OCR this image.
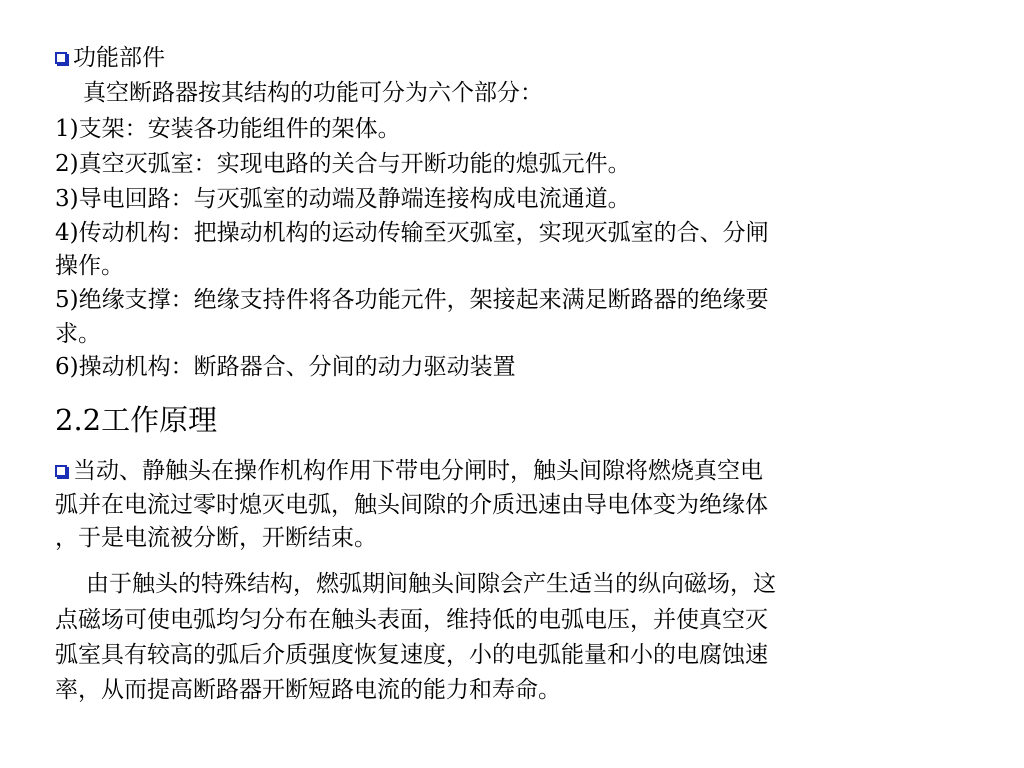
功能部件
真空断路器按其结构的功能可分为六个部分：
1)支架：安装各功能组件的架体。
2)真空灭弧室：实现电路的关合与开断功能的熄弧元件。
3)导电回路：与灭弧室的动端及静端连接构成电流通道。
4)传动机构：把操动机构的运动传输至灭弧室，实现灭弧室的合、分闸
操作。
5)绝缘支撑：绝缘支持件将各功能元件，架接起来满足断路器的绝缘要
求。
6)操动机构：断路器合、分间的动力驱动装置
2.2工作原理
当动、静触头在操作机构作用下带电分闸时，触头间隙将燃烧真空电
弧并在电流过零时熄灭电弧，触头间隙的介质迅速由导电体变为绝缘体
，于是电流被分断，开断结束。
由于触头的特殊结构，燃弧期间触头间隙会产生适当的纵向磁场，这
点磁场可使电弧均匀分布在触头表面，维持低的电弧电压，并使真空灭
弧室具有较高的弧后介质强度恢复速度，小的电弧能量和小的电腐蚀速
率，从而提高断路器开断短路电流的能力和寿命。
